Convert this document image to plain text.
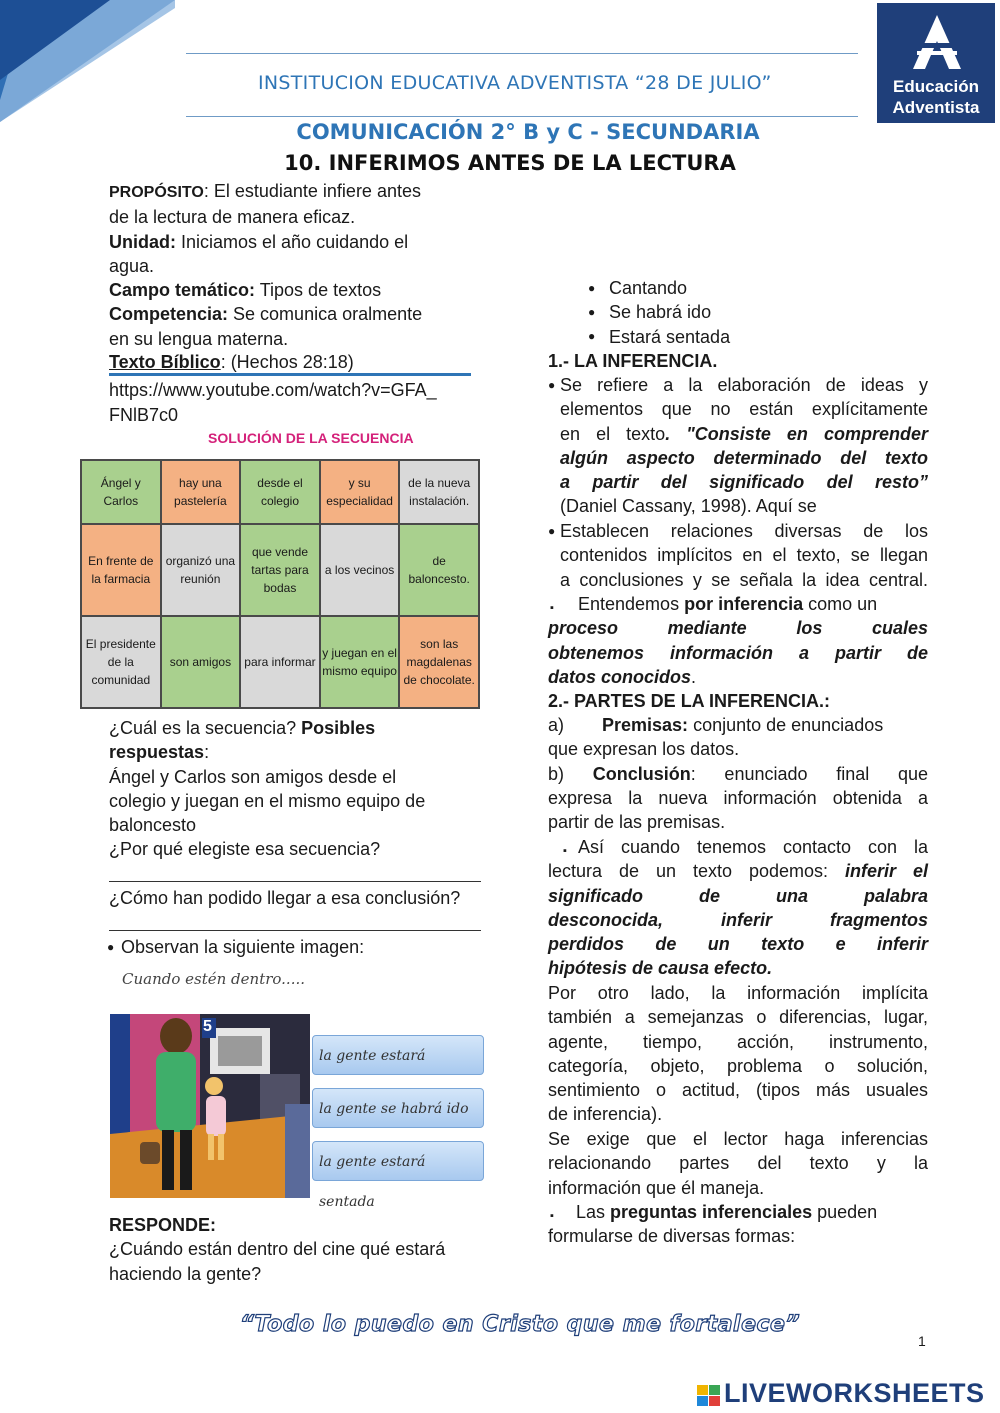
INSTITUCION EDUCATIVA ADVENTISTA “28 DE JULIO”	Educación
Adventista
COMUNICACIÓN 2° B y C - SECUNDARIA
10. INFERIMOS ANTES DE LA LECTURA
PROPÓSITO: El estudiante infiere antes
de la lectura de manera eficaz.
Unidad: Iniciamos el año cuidando el
agua.
Campo temático: Tipos de textos
Competencia: Se comunica oralmente
en su lengua materna.
Texto Bíblico: (Hechos 28:18)
https://www.youtube.com/watch?v=GFA_
FNlB7c0
SOLUCIÓN DE LA SECUENCIA
Ángel y Carlos	hay una pastelería	desde el colegio	y su especialidad	de la nueva instalación.
En frente de la farmacia	organizó una reunión	que vende tartas para bodas	a los vecinos	de baloncesto.
El presidente de la comunidad	son amigos	para informar	y juegan en el mismo equipo	son las magdalenas de chocolate.
¿Cuál es la secuencia? Posibles
respuestas:
Ángel y Carlos son amigos desde el
colegio y juegan en el mismo equipo de
baloncesto
¿Por qué elegiste esa secuencia?
¿Cómo han podido llegar a esa conclusión?
● Observan la siguiente imagen:
Cuando estén dentro.....
5
la gente estará
la gente se habrá ido
la gente estará sentada
RESPONDE:
¿Cuándo están dentro del cine qué estará
haciendo la gente?
●
●
●
Cantando
Se habrá ido
Estará sentada
1.- LA INFERENCIA.
● Se refiere a la elaboración de ideas y
elementos que no están explícitamente
en el texto. "Consiste en comprender
algún aspecto determinado del texto
a partir del significado del resto”
(Daniel Cassany, 1998). Aquí se
● Establecen relaciones diversas de los
contenidos implícitos en el texto, se llegan
a conclusiones y se señala la idea central.
▪	Entendemos por inferencia como un
proceso mediante los cuales
obtenemos información a partir de
datos conocidos.
2.- PARTES DE LA INFERENCIA.:
a) Premisas: conjunto de enunciados
que expresan los datos.
b) Conclusión: enunciado final que
expresa la nueva información obtenida a
partir de las premisas.
▪ Así cuando tenemos contacto con la
lectura de un texto podemos: inferir el
significado de una palabra
desconocida, inferir fragmentos
perdidos de un texto e inferir
hipótesis de causa efecto.
Por otro lado, la información implícita
también a semejanzas o diferencias, lugar,
agente, tiempo, acción, instrumento,
categoría, objeto, problema o solución,
sentimiento o actitud, (tipos más usuales
de inferencia).
Se exige que el lector haga inferencias
relacionando partes del texto y la
información que él maneja.
▪	Las preguntas inferenciales pueden
formularse de diversas formas:
“Todo lo puedo en Cristo que me fortalece”
1
LIVEWORKSHEETS
